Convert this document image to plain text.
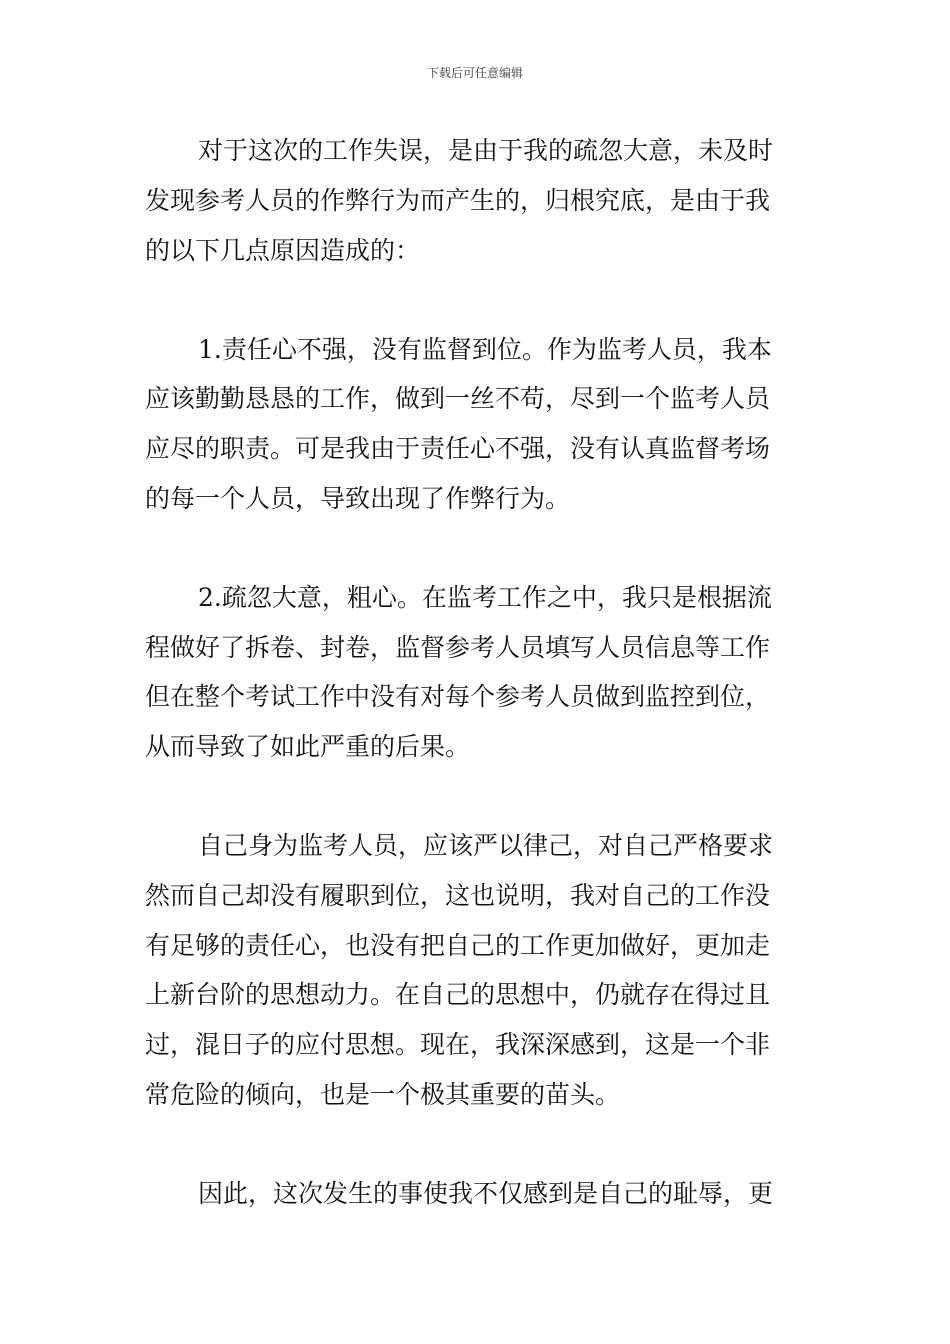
下载后可任意编辑
对于这次的工作失误，是由于我的疏忽大意，未及时
发现参考人员的作弊行为而产生的，归根究底，是由于我
的以下几点原因造成的：
1.责任心不强，没有监督到位。作为监考人员，我本
应该勤勤恳恳的工作，做到一丝不苟，尽到一个监考人员
应尽的职责。可是我由于责任心不强，没有认真监督考场
的每一个人员，导致出现了作弊行为。
2.疏忽大意，粗心。在监考工作之中，我只是根据流
程做好了拆卷、封卷，监督参考人员填写人员信息等工作
但在整个考试工作中没有对每个参考人员做到监控到位，
从而导致了如此严重的后果。
自己身为监考人员，应该严以律己，对自己严格要求
然而自己却没有履职到位，这也说明，我对自己的工作没
有足够的责任心，也没有把自己的工作更加做好，更加走
上新台阶的思想动力。在自己的思想中，仍就存在得过且
过，混日子的应付思想。现在，我深深感到，这是一个非
常危险的倾向，也是一个极其重要的苗头。
因此，这次发生的事使我不仅感到是自己的耻辱，更
